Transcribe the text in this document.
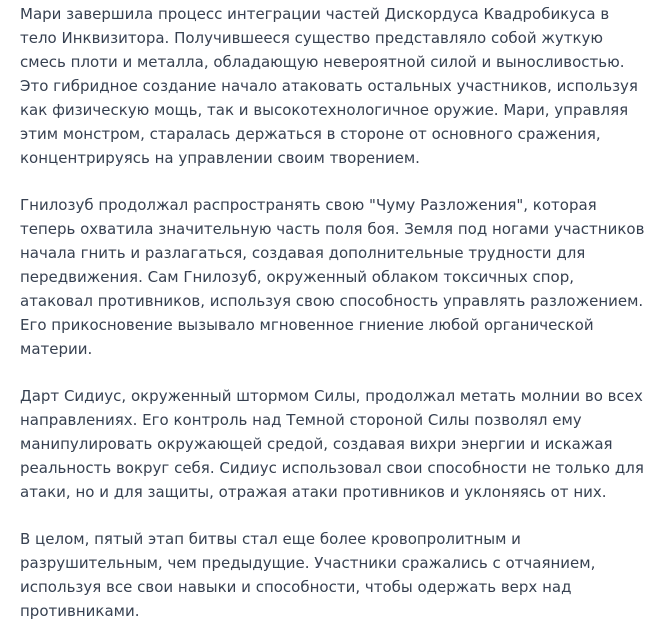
Мари завершила процесс интеграции частей Дискордуса Квадробикуса в тело Инквизитора. Получившееся существо представляло собой жуткую смесь плоти и металла, обладающую невероятной силой и выносливостью. Это гибридное создание начало атаковать остальных участников, используя как физическую мощь, так и высокотехнологичное оружие. Мари, управляя этим монстром, старалась держаться в стороне от основного сражения, концентрируясь на управлении своим творением.

Гнилозуб продолжал распространять свою "Чуму Разложения", которая теперь охватила значительную часть поля боя. Земля под ногами участников начала гнить и разлагаться, создавая дополнительные трудности для передвижения. Сам Гнилозуб, окруженный облаком токсичных спор, атаковал противников, используя свою способность управлять разложением. Его прикосновение вызывало мгновенное гниение любой органической материи.

Дарт Сидиус, окруженный штормом Силы, продолжал метать молнии во всех направлениях. Его контроль над Темной стороной Силы позволял ему манипулировать окружающей средой, создавая вихри энергии и искажая реальность вокруг себя. Сидиус использовал свои способности не только для атаки, но и для защиты, отражая атаки противников и уклоняясь от них.

В целом, пятый этап битвы стал еще более кровопролитным и разрушительным, чем предыдущие. Участники сражались с отчаянием, используя все свои навыки и способности, чтобы одержать верх над противниками.
